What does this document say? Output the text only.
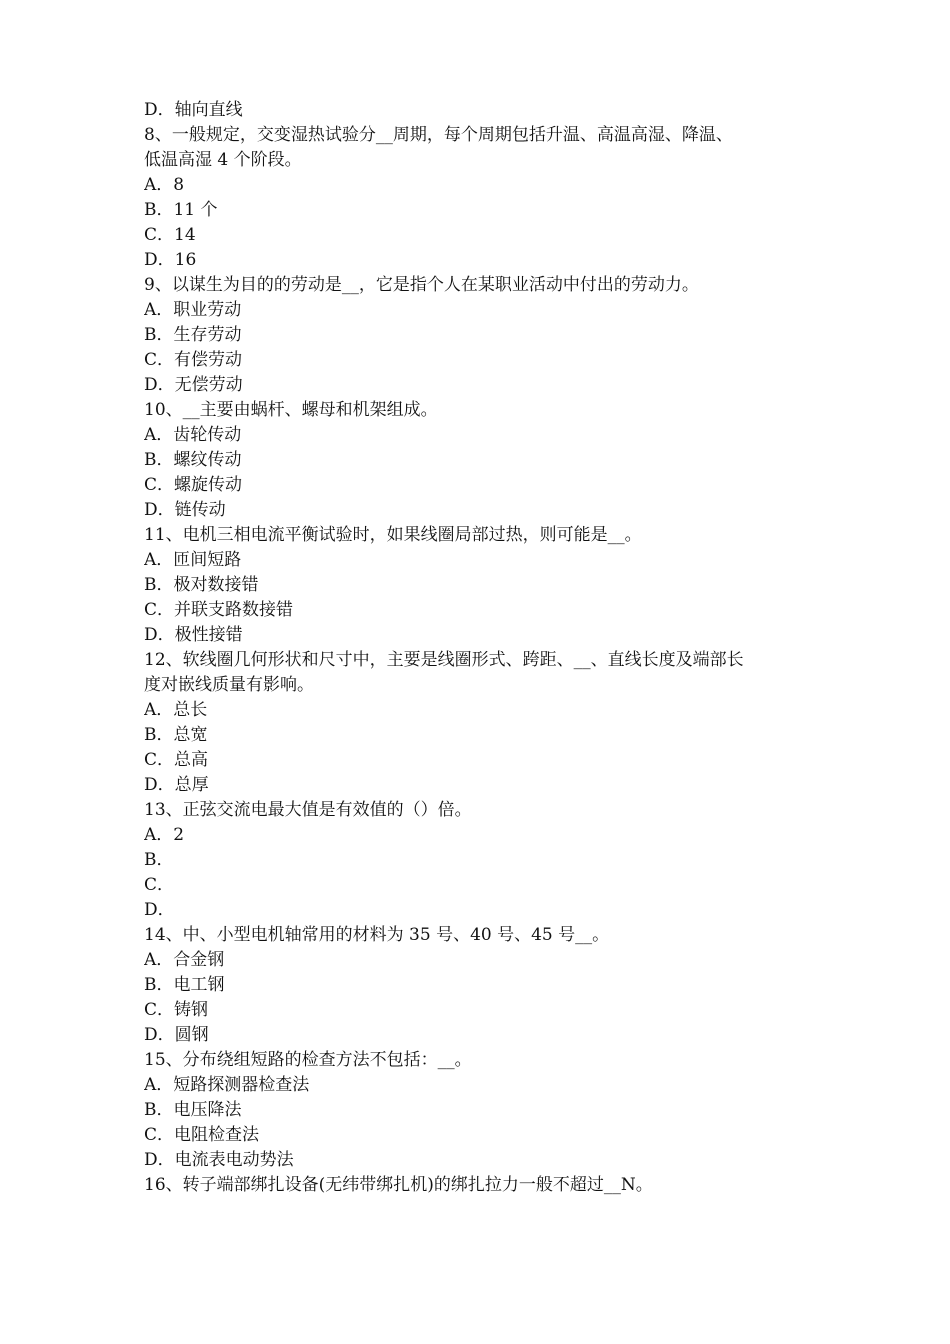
D．轴向直线
8、一般规定，交变湿热试验分__周期，每个周期包括升温、高温高湿、降温、
低温高湿 4 个阶段。
A．8
B．11 个
C．14
D．16
9、以谋生为目的的劳动是__，它是指个人在某职业活动中付出的劳动力。
A．职业劳动
B．生存劳动
C．有偿劳动
D．无偿劳动
10、__主要由蜗杆、螺母和机架组成。
A．齿轮传动
B．螺纹传动
C．螺旋传动
D．链传动
11、电机三相电流平衡试验时，如果线圈局部过热，则可能是__。
A．匝间短路
B．极对数接错
C．并联支路数接错
D．极性接错
12、软线圈几何形状和尺寸中，主要是线圈形式、跨距、__、直线长度及端部长
度对嵌线质量有影响。
A．总长
B．总宽
C．总高
D．总厚
13、正弦交流电最大值是有效值的（）倍。
A．2
B．
C．
D．
14、中、小型电机轴常用的材料为 35 号、40 号、45 号__。
A．合金钢
B．电工钢
C．铸钢
D．圆钢
15、分布绕组短路的检查方法不包括：__。
A．短路探测器检查法
B．电压降法
C．电阻检查法
D．电流表电动势法
16、转子端部绑扎设备(无纬带绑扎机)的绑扎拉力一般不超过__N。
